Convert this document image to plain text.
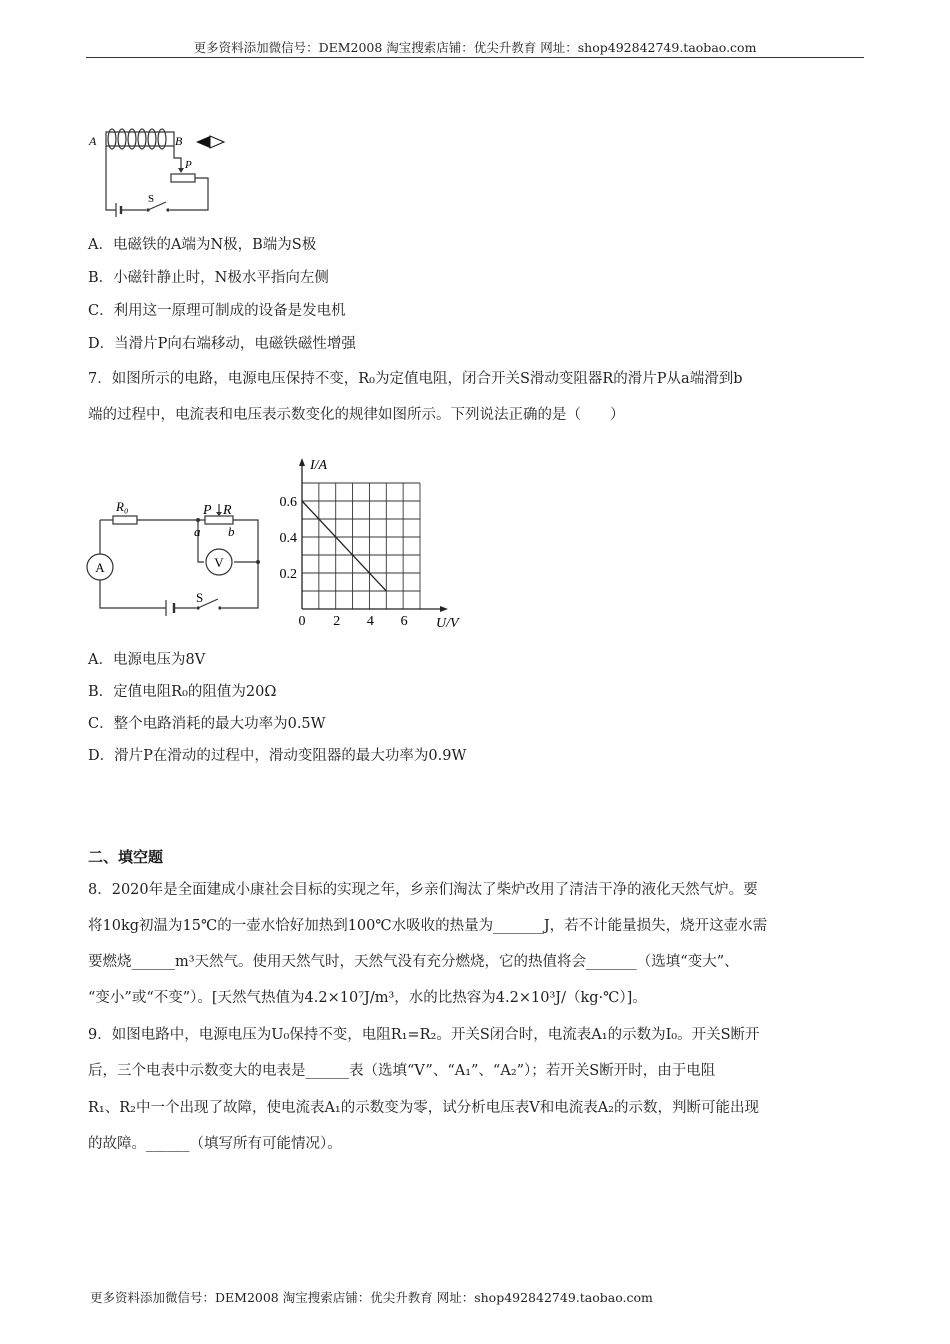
更多资料添加微信号：DEM2008 淘宝搜索店铺：优尖升教育 网址：shop492842749.taobao.com
A	B
P
S
A．电磁铁的A端为N极，B端为S极
B．小磁针静止时，N极水平指向左侧
C．利用这一原理可制成的设备是发电机
D．当滑片P向右端移动，电磁铁磁性增强
7．如图所示的电路，电源电压保持不变，R₀为定值电阻，闭合开关S滑动变阻器R的滑片P从a端滑到b
端的过程中，电流表和电压表示数变化的规律如图所示。下列说法正确的是（　　）
R₀	P R
a b
A	V
S
0 2 4 6
0.2
0.4
0.6
I/A
U/V
A．电源电压为8V
B．定值电阻R₀的阻值为20Ω
C．整个电路消耗的最大功率为0.5W
D．滑片P在滑动的过程中，滑动变阻器的最大功率为0.9W
二、填空题
8．2020年是全面建成小康社会目标的实现之年，乡亲们淘汰了柴炉改用了清洁干净的液化天然气炉。要
将10kg初温为15℃的一壶水恰好加热到100℃水吸收的热量为_______J，若不计能量损失，烧开这壶水需
要燃烧______m³天然气。使用天然气时，天然气没有充分燃烧，它的热值将会_______（选填“变大”、
“变小”或“不变”）。[天然气热值为4.2×10⁷J/m³，水的比热容为4.2×10³J/（kg·℃）]。
9．如图电路中，电源电压为U₀保持不变，电阻R₁=R₂。开关S闭合时，电流表A₁的示数为I₀。开关S断开
后，三个电表中示数变大的电表是______表（选填“V”、“A₁”、“A₂”）；若开关S断开时，由于电阻
R₁、R₂中一个出现了故障，使电流表A₁的示数变为零，试分析电压表V和电流表A₂的示数，判断可能出现
的故障。______（填写所有可能情况）。
更多资料添加微信号：DEM2008 淘宝搜索店铺：优尖升教育 网址：shop492842749.taobao.com
